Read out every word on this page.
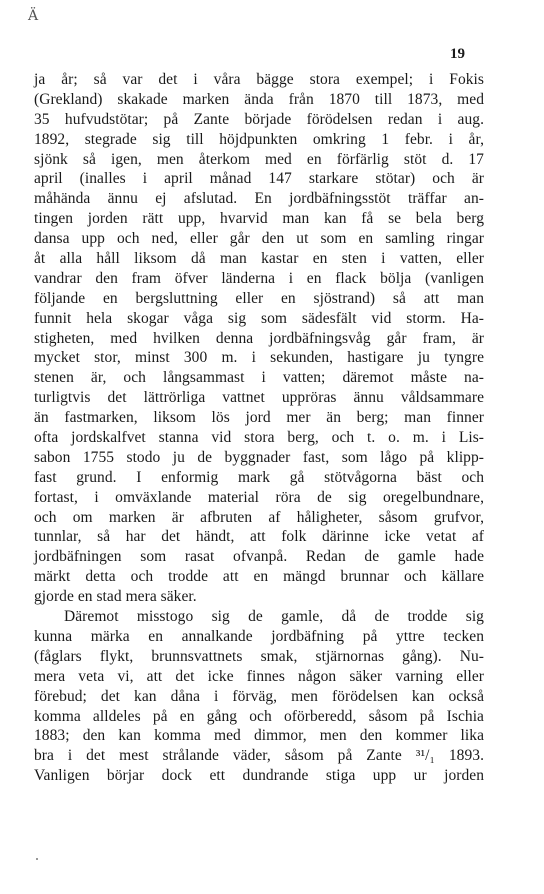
Ä
19
ja år; så var det i våra bägge stora exempel; i Fokis
(Grekland) skakade marken ända från 1870 till 1873, med
35 hufvudstötar; på Zante började förödelsen redan i aug.
1892, stegrade sig till höjdpunkten omkring 1 febr. i år,
sjönk så igen, men återkom med en förfärlig stöt d. 17
april (inalles i april månad 147 starkare stötar) och är
måhända ännu ej afslutad. En jordbäfningsstöt träffar an-
tingen jorden rätt upp, hvarvid man kan få se bela berg
dansa upp och ned, eller går den ut som en samling ringar
åt alla håll liksom då man kastar en sten i vatten, eller
vandrar den fram öfver länderna i en flack bölja (vanligen
följande en bergsluttning eller en sjöstrand) så att man
funnit hela skogar våga sig som sädesfält vid storm. Ha-
stigheten, med hvilken denna jordbäfningsvåg går fram, är
mycket stor, minst 300 m. i sekunden, hastigare ju tyngre
stenen är, och långsammast i vatten; däremot måste na-
turligtvis det lättrörliga vattnet uppröras ännu våldsammare
än fastmarken, liksom lös jord mer än berg; man finner
ofta jordskalfvet stanna vid stora berg, och t. o. m. i Lis-
sabon 1755 stodo ju de byggnader fast, som lågo på klipp-
fast grund. I enformig mark gå stötvågorna bäst och
fortast, i omväxlande material röra de sig oregelbundnare,
och om marken är afbruten af håligheter, såsom grufvor,
tunnlar, så har det händt, att folk därinne icke vetat af
jordbäfningen som rasat ofvanpå. Redan de gamle hade
märkt detta och trodde att en mängd brunnar och källare
gjorde en stad mera säker.
Däremot misstogo sig de gamle, då de trodde sig
kunna märka en annalkande jordbäfning på yttre tecken
(fåglars flykt, brunnsvattnets smak, stjärnornas gång). Nu-
mera veta vi, att det icke finnes någon säker varning eller
förebud; det kan dåna i förväg, men förödelsen kan också
komma alldeles på en gång och oförberedd, såsom på Ischia
1883; den kan komma med dimmor, men den kommer lika
bra i det mest strålande väder, såsom på Zante ³¹/₁ 1893.
Vanligen börjar dock ett dundrande stiga upp ur jorden
